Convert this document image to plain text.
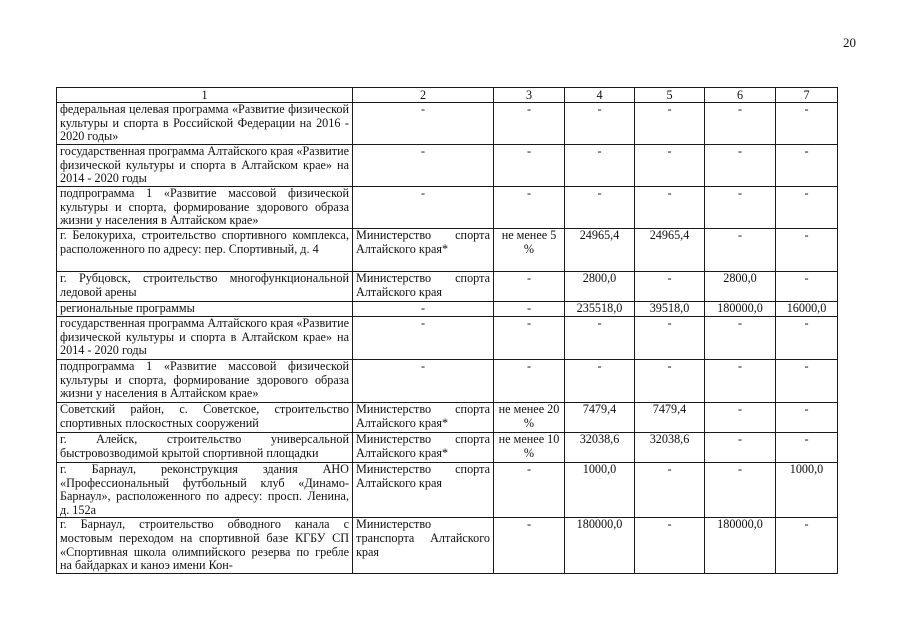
20
1	2	3	4	5	6	7
федеральная целевая программа «Развитие физической культуры и спорта в Российской Федерации на 2016 - 2020 годы»	-	-	-	-	-	-
государственная программа Алтайского края «Развитие физической культуры и спорта в Алтайском крае» на 2014 - 2020 годы	-	-	-	-	-	-
подпрограмма 1 «Развитие массовой физической культуры и спорта, формирование здорового образа жизни у населения в Алтайском крае»	-	-	-	-	-	-
г. Белокуриха, строительство спортивного комплекса, расположенного по адресу: пер. Спортивный, д. 4	Министерство спорта Алтайского края*	не менее 5 %	24965,4	24965,4	-	-
г. Рубцовск, строительство многофункциональной ледовой арены	Министерство спорта Алтайского края	-	2800,0	-	2800,0	-
региональные программы	-	-	235518,0	39518,0	180000,0	16000,0
государственная программа Алтайского края «Развитие физической культуры и спорта в Алтайском крае» на 2014 - 2020 годы	-	-	-	-	-	-
подпрограмма 1 «Развитие массовой физической культуры и спорта, формирование здорового образа жизни у населения в Алтайском крае»	-	-	-	-	-	-
Советский район, с. Советское, строительство спортивных плоскостных сооружений	Министерство спорта Алтайского края*	не менее 20 %	7479,4	7479,4	-	-
г. Алейск, строительство универсальной быстровозводимой крытой спортивной площадки	Министерство спорта Алтайского края*	не менее 10 %	32038,6	32038,6	-	-
г. Барнаул, реконструкция здания АНО «Профессиональный футбольный клуб «Динамо-Барнаул», расположенного по адресу: просп. Ленина, д. 152а	Министерство спорта Алтайского края	-	1000,0	-	-	1000,0
г. Барнаул, строительство обводного канала с мостовым переходом на спортивной базе КГБУ СП «Спортивная школа олимпийского резерва по гребле на байдарках и каноэ имени Кон-	Министерство транспорта Алтайского края	-	180000,0	-	180000,0	-
